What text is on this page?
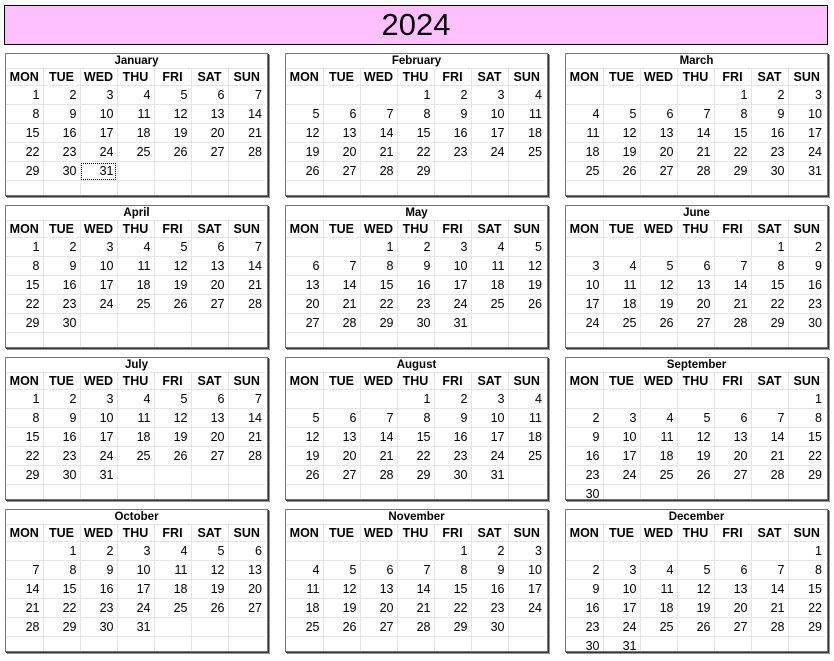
2024
January
MON	TUE	WED	THU	FRI	SAT	SUN
1	2	3	4	5	6	7
8	9	10	11	12	13	14
15	16	17	18	19	20	21
22	23	24	25	26	27	28
29	30	31				

February
MON	TUE	WED	THU	FRI	SAT	SUN
			1	2	3	4
5	6	7	8	9	10	11
12	13	14	15	16	17	18
19	20	21	22	23	24	25
26	27	28	29			

March
MON	TUE	WED	THU	FRI	SAT	SUN
				1	2	3
4	5	6	7	8	9	10
11	12	13	14	15	16	17
18	19	20	21	22	23	24
25	26	27	28	29	30	31

April
MON	TUE	WED	THU	FRI	SAT	SUN
1	2	3	4	5	6	7
8	9	10	11	12	13	14
15	16	17	18	19	20	21
22	23	24	25	26	27	28
29	30					

May
MON	TUE	WED	THU	FRI	SAT	SUN
		1	2	3	4	5
6	7	8	9	10	11	12
13	14	15	16	17	18	19
20	21	22	23	24	25	26
27	28	29	30	31		

June
MON	TUE	WED	THU	FRI	SAT	SUN
					1	2
3	4	5	6	7	8	9
10	11	12	13	14	15	16
17	18	19	20	21	22	23
24	25	26	27	28	29	30

July
MON	TUE	WED	THU	FRI	SAT	SUN
1	2	3	4	5	6	7
8	9	10	11	12	13	14
15	16	17	18	19	20	21
22	23	24	25	26	27	28
29	30	31				

August
MON	TUE	WED	THU	FRI	SAT	SUN
			1	2	3	4
5	6	7	8	9	10	11
12	13	14	15	16	17	18
19	20	21	22	23	24	25
26	27	28	29	30	31	

September
MON	TUE	WED	THU	FRI	SAT	SUN
						1
2	3	4	5	6	7	8
9	10	11	12	13	14	15
16	17	18	19	20	21	22
23	24	25	26	27	28	29
30						
October
MON	TUE	WED	THU	FRI	SAT	SUN
	1	2	3	4	5	6
7	8	9	10	11	12	13
14	15	16	17	18	19	20
21	22	23	24	25	26	27
28	29	30	31			

November
MON	TUE	WED	THU	FRI	SAT	SUN
				1	2	3
4	5	6	7	8	9	10
11	12	13	14	15	16	17
18	19	20	21	22	23	24
25	26	27	28	29	30	

December
MON	TUE	WED	THU	FRI	SAT	SUN
						1
2	3	4	5	6	7	8
9	10	11	12	13	14	15
16	17	18	19	20	21	22
23	24	25	26	27	28	29
30	31					
